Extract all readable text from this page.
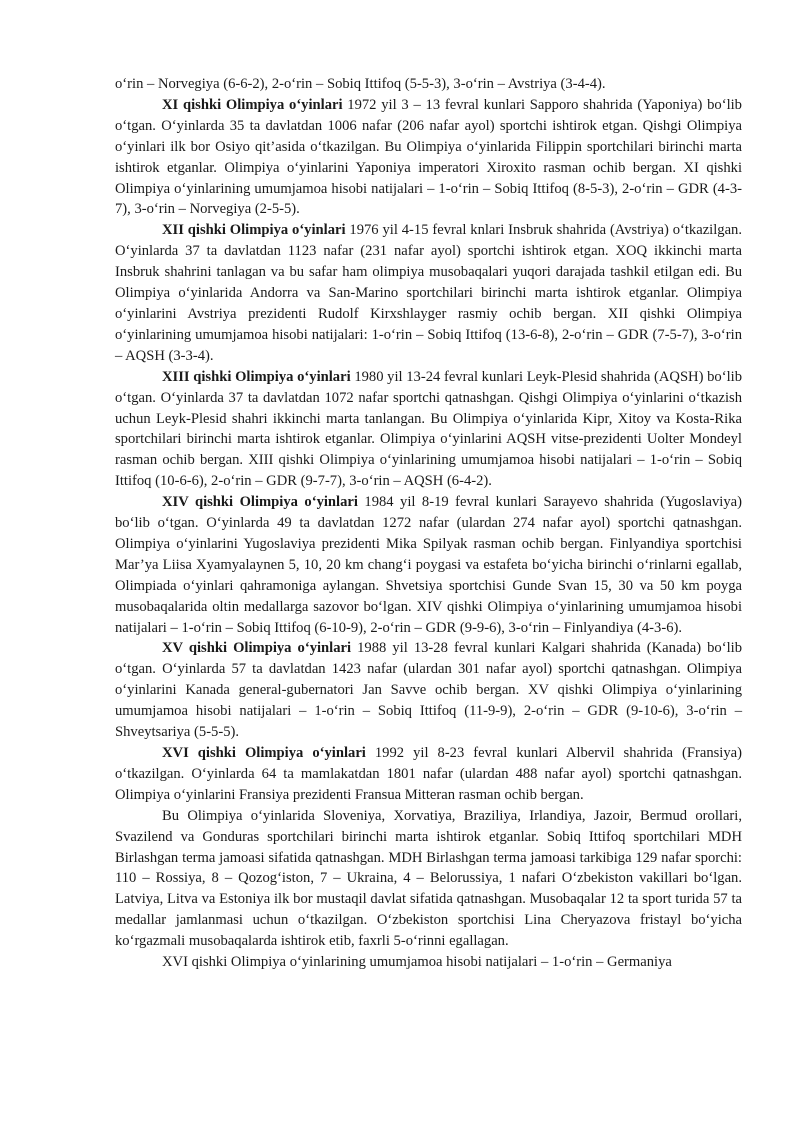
o‘rin – Norvegiya (6-6-2), 2-o‘rin – Sobiq Ittifoq (5-5-3), 3-o‘rin – Avstriya (3-4-4).

XI qishki Olimpiya o‘yinlari 1972 yil 3 – 13 fevral kunlari Sapporo shahrida (Yaponiya) bo‘lib o‘tgan. O‘yinlarda 35 ta davlatdan 1006 nafar (206 nafar ayol) sportchi ishtirok etgan. Qishgi Olimpiya o‘yinlari ilk bor Osiyo qit’asida o‘tkazilgan. Bu Olimpiya o‘yinlarida Filippin sportchilari birinchi marta ishtirok etganlar. Olimpiya o‘yinlarini Yaponiya imperatori Xiroxito rasman ochib bergan. XI qishki Olimpiya o‘yinlarining umumjamoa hisobi natijalari – 1-o‘rin – Sobiq Ittifoq (8-5-3), 2-o‘rin – GDR (4-3-7), 3-o‘rin – Norvegiya (2-5-5).

XII qishki Olimpiya o‘yinlari 1976 yil 4-15 fevral knlari Insbruk shahrida (Avstriya) o‘tkazilgan. O‘yinlarda 37 ta davlatdan 1123 nafar (231 nafar ayol) sportchi ishtirok etgan. XOQ ikkinchi marta Insbruk shahrini tanlagan va bu safar ham olimpiya musobaqalari yuqori darajada tashkil etilgan edi. Bu Olimpiya o‘yinlarida Andorra va San-Marino sportchilari birinchi marta ishtirok etganlar. Olimpiya o‘yinlarini Avstriya prezidenti Rudolf Kirxshlayger rasmiy ochib bergan. XII qishki Olimpiya o‘yinlarining umumjamoa hisobi natijalari: 1-o‘rin – Sobiq Ittifoq (13-6-8), 2-o‘rin – GDR (7-5-7), 3-o‘rin – AQSH (3-3-4).

XIII qishki Olimpiya o‘yinlari 1980 yil 13-24 fevral kunlari Leyk-Plesid shahrida (AQSH) bo‘lib o‘tgan. O‘yinlarda 37 ta davlatdan 1072 nafar sportchi qatnashgan. Qishgi Olimpiya o‘yinlarini o‘tkazish uchun Leyk-Plesid shahri ikkinchi marta tanlangan. Bu Olimpiya o‘yinlarida Kipr, Xitoy va Kosta-Rika sportchilari birinchi marta ishtirok etganlar. Olimpiya o‘yinlarini AQSH vitse-prezidenti Uolter Mondeyl rasman ochib bergan. XIII qishki Olimpiya o‘yinlarining umumjamoa hisobi natijalari – 1-o‘rin – Sobiq Ittifoq (10-6-6), 2-o‘rin – GDR (9-7-7), 3-o‘rin – AQSH (6-4-2).

XIV qishki Olimpiya o‘yinlari 1984 yil 8-19 fevral kunlari Sarayevo shahrida (Yugoslaviya) bo‘lib o‘tgan. O‘yinlarda 49 ta davlatdan 1272 nafar (ulardan 274 nafar ayol) sportchi qatnashgan. Olimpiya o‘yinlarini Yugoslaviya prezidenti Mika Spilyak rasman ochib bergan. Finlyandiya sportchisi Mar’ya Liisa Xyamyalaynen 5, 10, 20 km chang‘i poygasi va estafeta bo‘yicha birinchi o‘rinlarni egallab, Olimpiada o‘yinlari qahramoniga aylangan. Shvetsiya sportchisi Gunde Svan 15, 30 va 50 km poyga musobaqalarida oltin medallarga sazovor bo‘lgan. XIV qishki Olimpiya o‘yinlarining umumjamoa hisobi natijalari – 1-o‘rin – Sobiq Ittifoq (6-10-9), 2-o‘rin – GDR (9-9-6), 3-o‘rin – Finlyandiya (4-3-6).

XV qishki Olimpiya o‘yinlari 1988 yil 13-28 fevral kunlari Kalgari shahrida (Kanada) bo‘lib o‘tgan. O‘yinlarda 57 ta davlatdan 1423 nafar (ulardan 301 nafar ayol) sportchi qatnashgan. Olimpiya o‘yinlarini Kanada general-gubernatori Jan Savve ochib bergan. XV qishki Olimpiya o‘yinlarining umumjamoa hisobi natijalari – 1-o‘rin – Sobiq Ittifoq (11-9-9), 2-o‘rin – GDR (9-10-6), 3-o‘rin – Shveytsariya (5-5-5).

XVI qishki Olimpiya o‘yinlari 1992 yil 8-23 fevral kunlari Albervil shahrida (Fransiya) o‘tkazilgan. O‘yinlarda 64 ta mamlakatdan 1801 nafar (ulardan 488 nafar ayol) sportchi qatnashgan. Olimpiya o‘yinlarini Fransiya prezidenti Fransua Mitteran rasman ochib bergan.

Bu Olimpiya o‘yinlarida Sloveniya, Xorvatiya, Braziliya, Irlandiya, Jazoir, Bermud orollari, Svazilend va Gonduras sportchilari birinchi marta ishtirok etganlar. Sobiq Ittifoq sportchilari MDH Birlashgan terma jamoasi sifatida qatnashgan. MDH Birlashgan terma jamoasi tarkibiga 129 nafar sporchi: 110 – Rossiya, 8 – Qozog‘iston, 7 – Ukraina, 4 – Belorussiya, 1 nafari O‘zbekiston vakillari bo‘lgan. Latviya, Litva va Estoniya ilk bor mustaqil davlat sifatida qatnashgan. Musobaqalar 12 ta sport turida 57 ta medallar jamlanmasi uchun o‘tkazilgan. O‘zbekiston sportchisi Lina Cheryazova fristayl bo‘yicha ko‘rgazmali musobaqalarda ishtirok etib, faxrli 5-o‘rinni egallagan.

XVI qishki Olimpiya o‘yinlarining umumjamoa hisobi natijalari – 1-o‘rin – Germaniya
